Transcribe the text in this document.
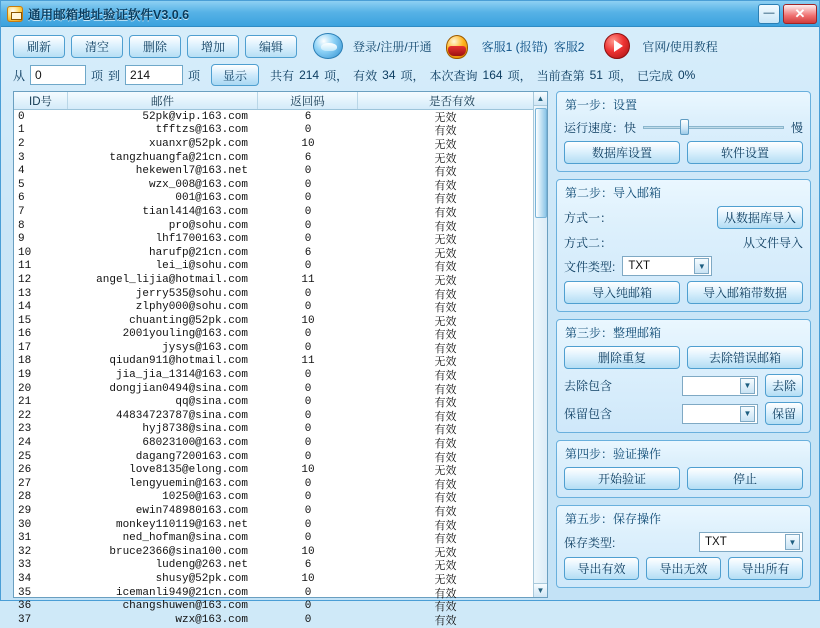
通用邮箱地址验证软件V3.0.6	—	✕
刷新	清空	删除	增加	编辑	登录/注册/开通	客服1 (报错) 客服2	官网/使用教程
从 0	项 到 214	项	显示	共有 214 项， 有效 34 项， 本次查询 164 项， 当前查第 51 项， 已完成 0%
ID号	邮件	返回码	是否有效
0	52pk@vip.163.com	6	无效
1	tfftzs@163.com	0	有效
2	xuanxr@52pk.com	10	无效
3	tangzhuangfa@21cn.com	6	无效
4	hekewenl7@163.net	0	有效
5	wzx_008@163.com	0	有效
6	001@163.com	0	有效
7	tianl414@163.com	0	有效
8	pro@sohu.com	0	有效
9	lhf1700163.com	0	无效
10	harufp@21cn.com	6	无效
11	lei_i@sohu.com	0	有效
12	angel_lijia@hotmail.com	11	无效
13	jerry535@sohu.com	0	有效
14	zlphy000@sohu.com	0	有效
15	chuanting@52pk.com	10	无效
16	2001youling@163.com	0	有效
17	jysys@163.com	0	有效
18	qiudan911@hotmail.com	11	无效
19	jia_jia_1314@163.com	0	有效
20	dongjian0494@sina.com	0	有效
21	qq@sina.com	0	有效
22	44834723787@sina.com	0	有效
23	hyj8738@sina.com	0	有效
24	68023100@163.com	0	有效
25	dagang7200163.com	0	有效
26	love8135@elong.com	10	无效
27	lengyuemin@163.com	0	有效
28	10250@163.com	0	有效
29	ewin748980163.com	0	有效
30	monkey110119@163.net	0	有效
31	ned_hofman@sina.com	0	有效
32	bruce2366@sina100.com	10	无效
33	ludeng@263.net	6	无效
34	shusy@52pk.com	10	无效
35	icemanli949@21cn.com	0	有效
36	changshuwen@163.com	0	有效
37	wzx@163.com	0	有效
▲
▼
第一步：设置
运行速度：快	慢
数据库设置	软件设置
第二步：导入邮箱
方式一：	从数据库导入
方式二：	从文件导入
文件类型: TXT	▼
导入纯邮箱	导入邮箱带数据
第三步：整理邮箱
删除重复	去除错误邮箱
去除包含	▼	去除
保留包含	▼	保留
第四步：验证操作
开始验证	停止
第五步：保存操作
保存类型:	TXT	▼
导出有效	导出无效	导出所有
